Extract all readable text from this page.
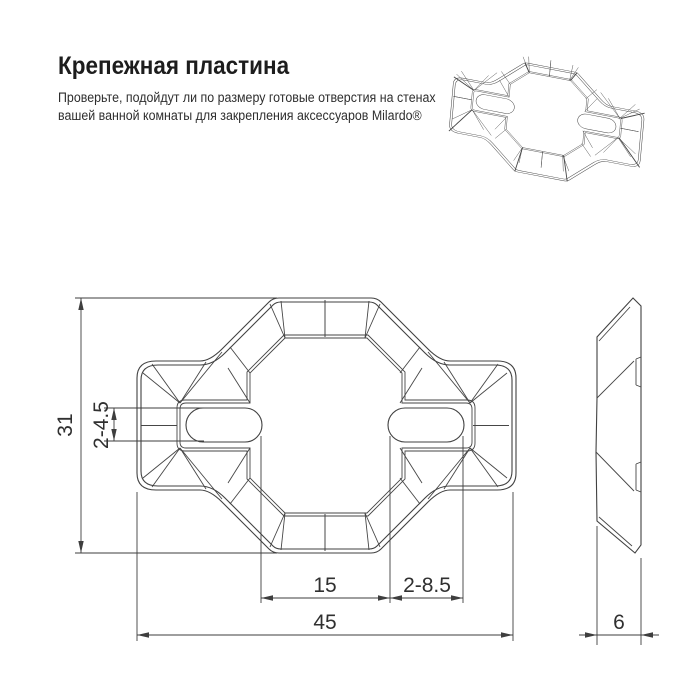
Крепежная пластина
Проверьте, подойдут ли по размеру готовые отверстия на стенах
вашей ванной комнаты для закрепления аксессуаров Milardo®
31 2-4.5
15	2-8.5
45	6
